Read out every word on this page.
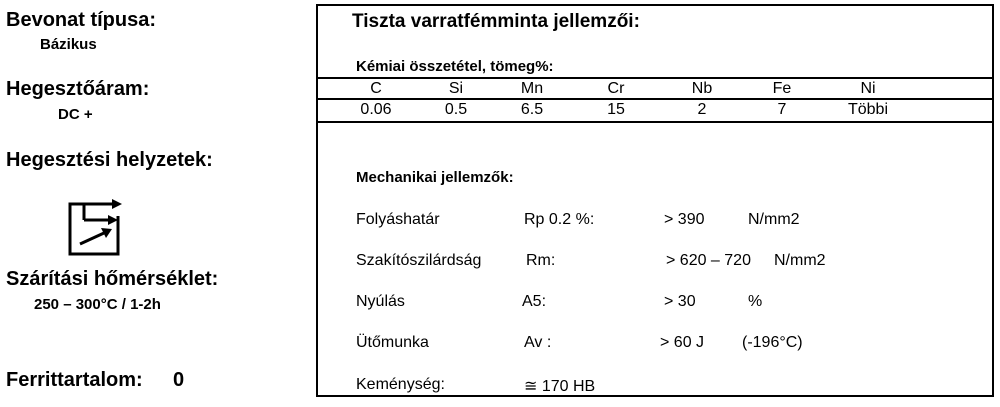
Bevonat típusa:
Bázikus
Hegesztőáram:
DC +
Hegesztési helyzetek:
Szárítási hőmérséklet:
250 – 300°C / 1-2h
Ferrittartalom: 0
Tiszta varratfémminta jellemzői:
Kémiai összetétel, tömeg%:
C	Si	Mn	Cr	Nb	Fe	Ni
0.06	0.5	6.5	15	2	7	Többi
Mechanikai jellemzők:
Folyáshatár	Rp 0.2 %:	> 390	N/mm2
Szakítószilárdság	Rm:	> 620 – 720 N/mm2
Nyúlás	A5:	> 30	%
Ütőmunka	Av :	> 60 J (-196°C)
Keménység:	≅ 170 HB
